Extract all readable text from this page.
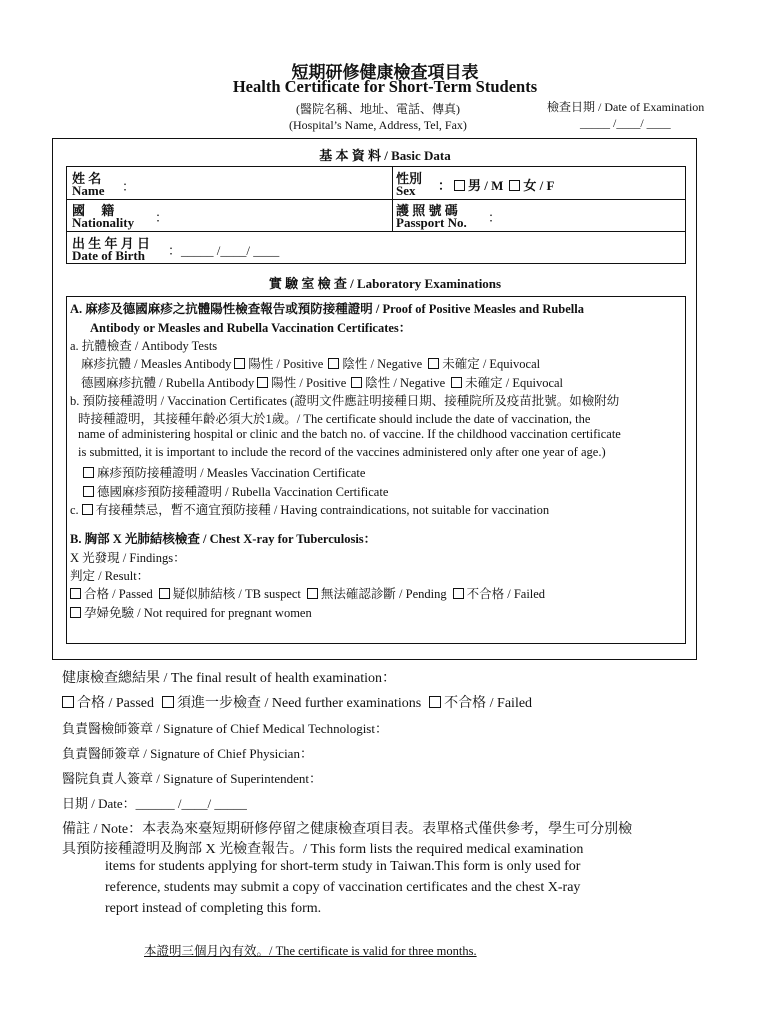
短期研修健康檢查項目表
Health Certificate for Short-Term Students
(醫院名稱、地址、電話、傳真)
(Hospital’s Name, Address, Tel, Fax)
檢查日期 / Date of Examination
_____ /____/ ____
基 本 資 料 / Basic Data
姓 名
Name ：
性別
Sex ： 男 / M 女 / F
國　 籍
Nationality ：	護 照 號 碼
Passport No. ：
出 生 年 月 日
Date of Birth ：_____ /____/ ____
實 驗 室 檢 查 / Laboratory Examinations
A. 麻疹及德國麻疹之抗體陽性檢查報告或預防接種證明 / Proof of Positive Measles and Rubella
Antibody or Measles and Rubella Vaccination Certificates：
a. 抗體檢查 / Antibody Tests
麻疹抗體 / Measles Antibody 陽性 / Positive 陰性 / Negative 未確定 / Equivocal
德國麻疹抗體 / Rubella Antibody 陽性 / Positive 陰性 / Negative 未確定 / Equivocal
b. 預防接種證明 / Vaccination Certificates (證明文件應註明接種日期、接種院所及疫苗批號。如檢附幼
時接種證明，其接種年齡必須大於1歲。/ The certificate should include the date of vaccination, the
name of administering hospital or clinic and the batch no. of vaccine. If the childhood vaccination certificate
is submitted, it is important to include the record of the vaccines administered only after one year of age.)
麻疹預防接種證明 / Measles Vaccination Certificate
德國麻疹預防接種證明 / Rubella Vaccination Certificate
c. 有接種禁忌，暫不適宜預防接種 / Having contraindications, not suitable for vaccination
B. 胸部 X 光肺結核檢查 / Chest X-ray for Tuberculosis：
X 光發現 / Findings：
判定 / Result：
合格 / Passed 疑似肺結核 / TB suspect 無法確認診斷 / Pending 不合格 / Failed
孕婦免驗 / Not required for pregnant women
健康檢查總結果 / The final result of health examination：
合格 / Passed 須進一步檢查 / Need further examinations 不合格 / Failed
負責醫檢師簽章 / Signature of Chief Medical Technologist：
負責醫師簽章 / Signature of Chief Physician：
醫院負責人簽章 / Signature of Superintendent：
日期 / Date：______ /____/ _____
備註 / Note：本表為來臺短期研修停留之健康檢查項目表。表單格式僅供參考，學生可分別檢
具預防接種證明及胸部 X 光檢查報告。/ This form lists the required medical examination
items for students applying for short-term study in Taiwan.This form is only used for
reference, students may submit a copy of vaccination certificates and the chest X-ray
report instead of completing this form.
本證明三個月內有效。/ The certificate is valid for three months.
